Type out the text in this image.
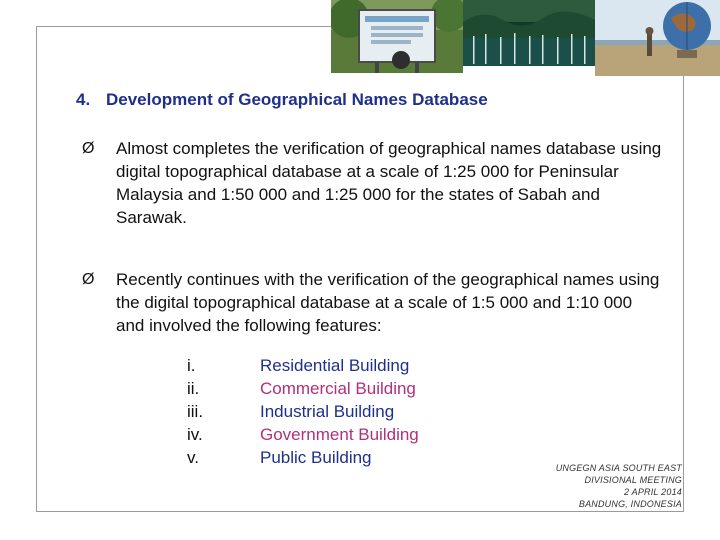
4. Development of Geographical Names Database
Ø Almost completes the verification of geographical names database using digital topographical database at a scale of 1:25 000 for Peninsular Malaysia and 1:50 000 and 1:25 000 for the states of Sabah and Sarawak.
Ø Recently continues with the verification of the geographical names using the digital topographical database at a scale of 1:5 000 and 1:10 000 and involved the following features:
i.	Residential Building
ii.	Commercial Building
iii.	Industrial Building
iv.	Government Building
v.	Public Building
UNGEGN ASIA SOUTH EAST
DIVISIONAL MEETING
2 APRIL 2014
BANDUNG, INDONESIA
